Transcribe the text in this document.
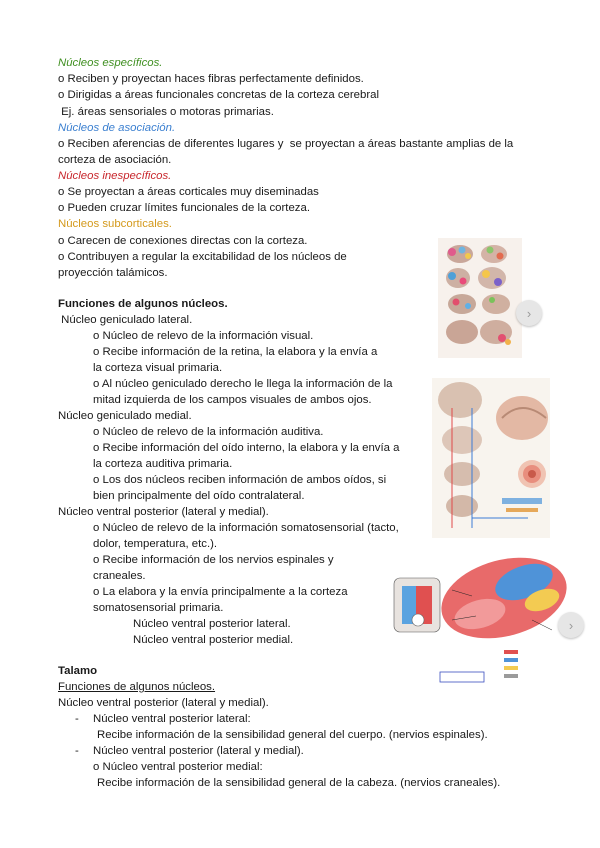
Núcleos específicos.
o Reciben y proyectan haces fibras perfectamente definidos.
o Dirigidas a áreas funcionales concretas de la corteza cerebral
Ej. áreas sensoriales o motoras primarias.
Núcleos de asociación.
o Reciben aferencias de diferentes lugares y  se proyectan a áreas bastante amplias de la
corteza de asociación.
Núcleos inespecíficos.
o Se proyectan a áreas corticales muy diseminadas
o Pueden cruzar límites funcionales de la corteza.
Núcleos subcorticales.
o Carecen de conexiones directas con la corteza.
o Contribuyen a regular la excitabilidad de los núcleos de
proyección talámicos.
Funciones de algunos núcleos.
Núcleo geniculado lateral.
o Núcleo de relevo de la información visual.
o Recibe información de la retina, la elabora y la envía a
la corteza visual primaria.
o Al núcleo geniculado derecho le llega la información de la
mitad izquierda de los campos visuales de ambos ojos.
Núcleo geniculado medial.
o Núcleo de relevo de la información auditiva.
o Recibe información del oído interno, la elabora y la envía a
la corteza auditiva primaria.
o Los dos núcleos reciben información de ambos oídos, si
bien principalmente del oído contralateral.
Núcleo ventral posterior (lateral y medial).
o Núcleo de relevo de la información somatosensorial (tacto,
dolor, temperatura, etc.).
o Recibe información de los nervios espinales y
craneales.
o La elabora y la envía principalmente a la corteza
somatosensorial primaria.
Núcleo ventral posterior lateral.
Núcleo ventral posterior medial.
Talamo
Funciones de algunos núcleos.
Núcleo ventral posterior (lateral y medial).
- Núcleo ventral posterior lateral:
Recibe información de la sensibilidad general del cuerpo. (nervios espinales).
- Núcleo ventral posterior (lateral y medial).
o Núcleo ventral posterior medial:
Recibe información de la sensibilidad general de la cabeza. (nervios craneales).
›
›
